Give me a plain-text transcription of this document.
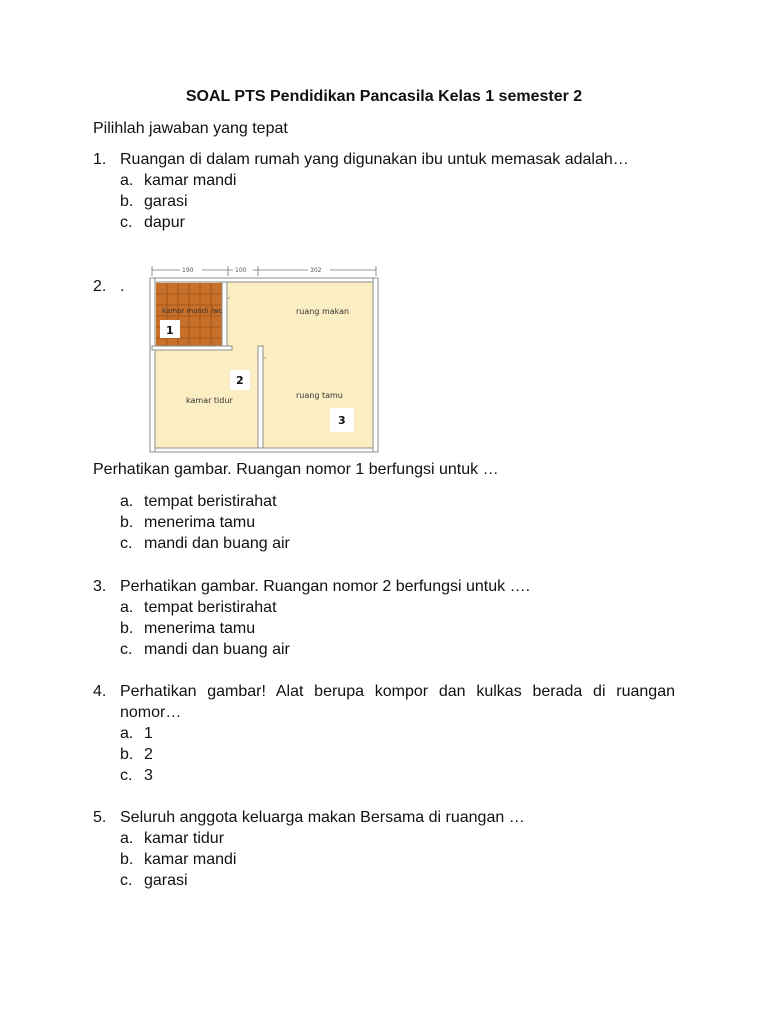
SOAL PTS Pendidikan Pancasila Kelas 1 semester 2
Pilihlah jawaban yang tepat
1. Ruangan di dalam rumah yang digunakan ibu untuk memasak adalah…
a. kamar mandi
b. garasi
c. dapur
2. .
190	100	302
kamar mandi /wc	ruang makan
kamar tidur
ruang tamu
1
2
3
Perhatikan gambar. Ruangan nomor 1 berfungsi untuk …
a. tempat beristirahat
b. menerima tamu
c. mandi dan buang air
3. Perhatikan gambar. Ruangan nomor 2 berfungsi untuk ….
a. tempat beristirahat
b. menerima tamu
c. mandi dan buang air
4. Perhatikan gambar! Alat berupa kompor dan kulkas berada di ruangan nomor…
a. 1
b. 2
c. 3
5. Seluruh anggota keluarga makan Bersama di ruangan …
a. kamar tidur
b. kamar mandi
c. garasi
